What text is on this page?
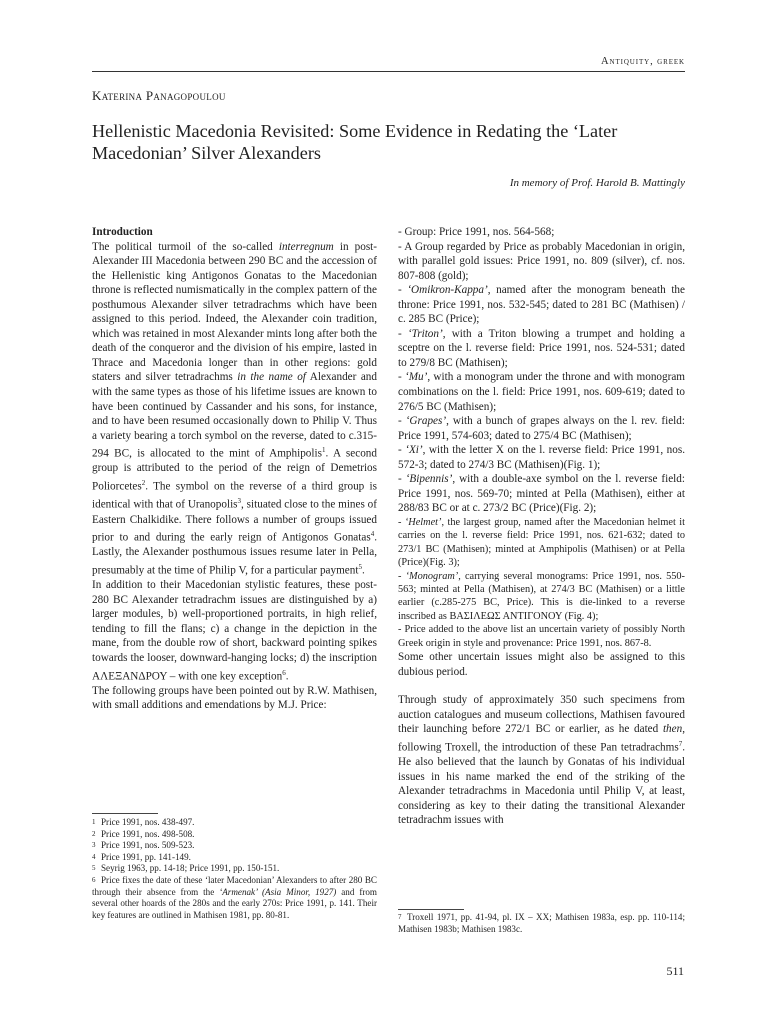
Antiquity, greek
Katerina Panagopoulou
Hellenistic Macedonia Revisited: Some Evidence in Redating the ‘Later Macedonian’ Silver Alexanders
In memory of Prof. Harold B. Mattingly

Introduction

The political turmoil of the so-called interregnum in post-Alexander III Macedonia between 290 BC and the accession of the Hellenistic king Antigonos Gonatas to the Macedonian throne is reflected numismatically in the complex pattern of the posthumous Alexander silver tetradrachms which have been assigned to this period. Indeed, the Alexander coin tradition, which was retained in most Alexander mints long after both the death of the conqueror and the division of his empire, lasted in Thrace and Macedonia longer than in other regions: gold staters and silver tetradrachms in the name of Alexander and with the same types as those of his lifetime issues are known to have been continued by Cassander and his sons, for instance, and to have been resumed occasionally down to Philip V. Thus a variety bearing a torch symbol on the reverse, dated to c.315-294 BC, is allocated to the mint of Amphipolis$^1$. A second group is attributed to the period of the reign of Demetrios Poliorcetes$^2$. The symbol on the reverse of a third group is identical with that of Uranopolis$^3$, situated close to the mines of Eastern Chalkidike. There follows a number of groups issued prior to and during the early reign of Antigonos Gonatas$^4$. Lastly, the Alexander posthumous issues resume later in Pella, presumably at the time of Philip V, for a particular payment$^5$.

In addition to their Macedonian stylistic features, these post-280 BC Alexander tetradrachm issues are distinguished by a) larger modules, b) well-proportioned portraits, in high relief, tending to fill the flans; c) a change in the depiction in the mane, from the double row of short, backward pointing spikes towards the looser, downward-hanging locks; d) the inscription ΑΛΕΞΑΝΔΡΟΥ – with one key exception$^6$.

The following groups have been pointed out by R.W. Mathisen, with small additions and emendations by M.J. Price:

1 Price 1991, nos. 438-497.

2 Price 1991, nos. 498-508.

3 Price 1991, nos. 509-523.

4 Price 1991, pp. 141-149.

5 Seyrig 1963, pp. 14-18; Price 1991, pp. 150-151.

6 Price fixes the date of these ‘later Macedonian’ Alexanders to after 280 BC through their absence from the ‘Armenak’ (Asia Minor, 1927) and from several other hoards of the 280s and the early 270s: Price 1991, p. 141. Their key features are outlined in Mathisen 1981, pp. 80-81.

- Group: Price 1991, nos. 564-568;

- A Group regarded by Price as probably Macedonian in origin, with parallel gold issues: Price 1991, no. 809 (silver), cf. nos. 807-808 (gold);

- ‘Omikron-Kappa’, named after the monogram beneath the throne: Price 1991, nos. 532-545; dated to 281 BC (Mathisen) / c. 285 BC (Price);

- ‘Triton’, with a Triton blowing a trumpet and holding a sceptre on the l. reverse field: Price 1991, nos. 524-531; dated to 279/8 BC (Mathisen);

- ‘Mu’, with a monogram under the throne and with monogram combinations on the l. field: Price 1991, nos. 609-619; dated to 276/5 BC (Mathisen);

- ‘Grapes’, with a bunch of grapes always on the l. rev. field: Price 1991, 574-603; dated to 275/4 BC (Mathisen);

- ‘Xi’, with the letter X on the l. reverse field: Price 1991, nos. 572-3; dated to 274/3 BC (Mathisen)(Fig. 1);

- ‘Bipennis’, with a double-axe symbol on the l. reverse field: Price 1991, nos. 569-70; minted at Pella (Mathisen), either at 288/83 BC or at c. 273/2 BC (Price)(Fig. 2);

- ‘Helmet’, the largest group, named after the Macedonian helmet it carries on the l. reverse field: Price 1991, nos. 621-632; dated to 273/1 BC (Mathisen); minted at Amphipolis (Mathisen) or at Pella (Price)(Fig. 3);

- ‘Monogram’, carrying several monograms: Price 1991, nos. 550-563; minted at Pella (Mathisen), at 274/3 BC (Mathisen) or a little earlier (c.285-275 BC, Price). This is die-linked to a reverse inscribed as ΒΑΣΙΛΕΩΣ ΑΝΤΙΓΟΝΟΥ (Fig. 4);

- Price added to the above list an uncertain variety of possibly North Greek origin in style and provenance: Price 1991, nos. 867-8.

Some other uncertain issues might also be assigned to this dubious period.

Through study of approximately 350 such specimens from auction catalogues and museum collections, Mathisen favoured their launching before 272/1 BC or earlier, as he dated then, following Troxell, the introduction of these Pan tetradrachms$^7$. He also believed that the launch by Gonatas of his individual issues in his name marked the end of the striking of the Alexander tetradrachms in Macedonia until Philip V, at least, considering as key to their dating the transitional Alexander tetradrachm issues with

7 Troxell 1971, pp. 41-94, pl. IX – XX; Mathisen 1983a, esp. pp. 110-114; Mathisen 1983b; Mathisen 1983c.

511
